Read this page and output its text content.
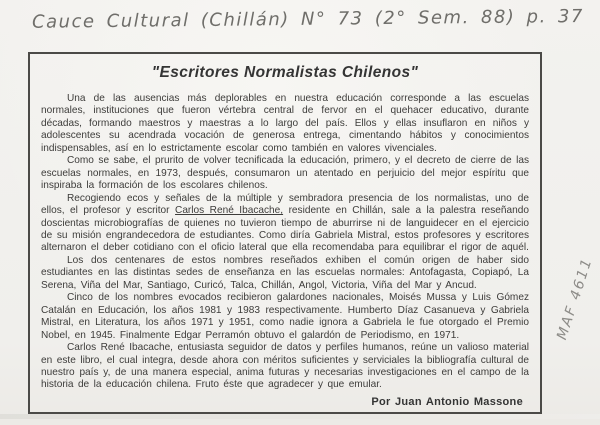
Cauce Cultural (Chillán) N° 73 (2° Sem. 88) p. 37
"Escritores Normalistas Chilenos"

Una de las ausencias más deplorables en nuestra educación corresponde a las escuelas normales, instituciones que fueron vértebra central de fervor en el quehacer educativo, durante décadas, formando maestros y maestras a lo largo del país. Ellos y ellas insuflaron en niños y adolescentes su acendrada vocación de generosa entrega, cimentando hábitos y conocimientos indispensables, así en lo estrictamente escolar como también en valores vivenciales.

Como se sabe, el prurito de volver tecnificada la educación, primero, y el decreto de cierre de las escuelas normales, en 1973, después, consumaron un atentado en perjuicio del mejor espíritu que inspiraba la formación de los escolares chilenos.

Recogiendo ecos y señales de la múltiple y sembradora presencia de los normalistas, uno de ellos, el profesor y escritor Carlos René Ibacache, residente en Chillán, sale a la palestra reseñando doscientas microbiografías de quienes no tuvieron tiempo de aburrirse ni de languidecer en el ejercicio de su misión engrandecedora de estudiantes. Como diría Gabriela Mistral, estos profesores y escritores alternaron el deber cotidiano con el oficio lateral que ella recomendaba para equilibrar el rigor de aquél.

Los dos centenares de estos nombres reseñados exhiben el común origen de haber sido estudiantes en las distintas sedes de enseñanza en las escuelas normales: Antofagasta, Copiapó, La Serena, Viña del Mar, Santiago, Curicó, Talca, Chillán, Angol, Victoria, Viña del Mar y Ancud.

Cinco de los nombres evocados recibieron galardones nacionales, Moisés Mussa y Luis Gómez Catalán en Educación, los años 1981 y 1983 respectivamente. Humberto Díaz Casanueva y Gabriela Mistral, en Literatura, los años 1971 y 1951, como nadie ignora a Gabriela le fue otorgado el Premio Nobel, en 1945. Finalmente Edgar Perramón obtuvo el galardón de Periodismo, en 1971.

Carlos René Ibacache, entusiasta seguidor de datos y perfiles humanos, reúne un valioso material en este libro, el cual integra, desde ahora con méritos suficientes y serviciales la bibliografía cultural de nuestro país y, de una manera especial, anima futuras y necesarias investigaciones en el campo de la historia de la educación chilena. Fruto éste que agradecer y que emular.

Por Juan Antonio Massone
MAF 4611
